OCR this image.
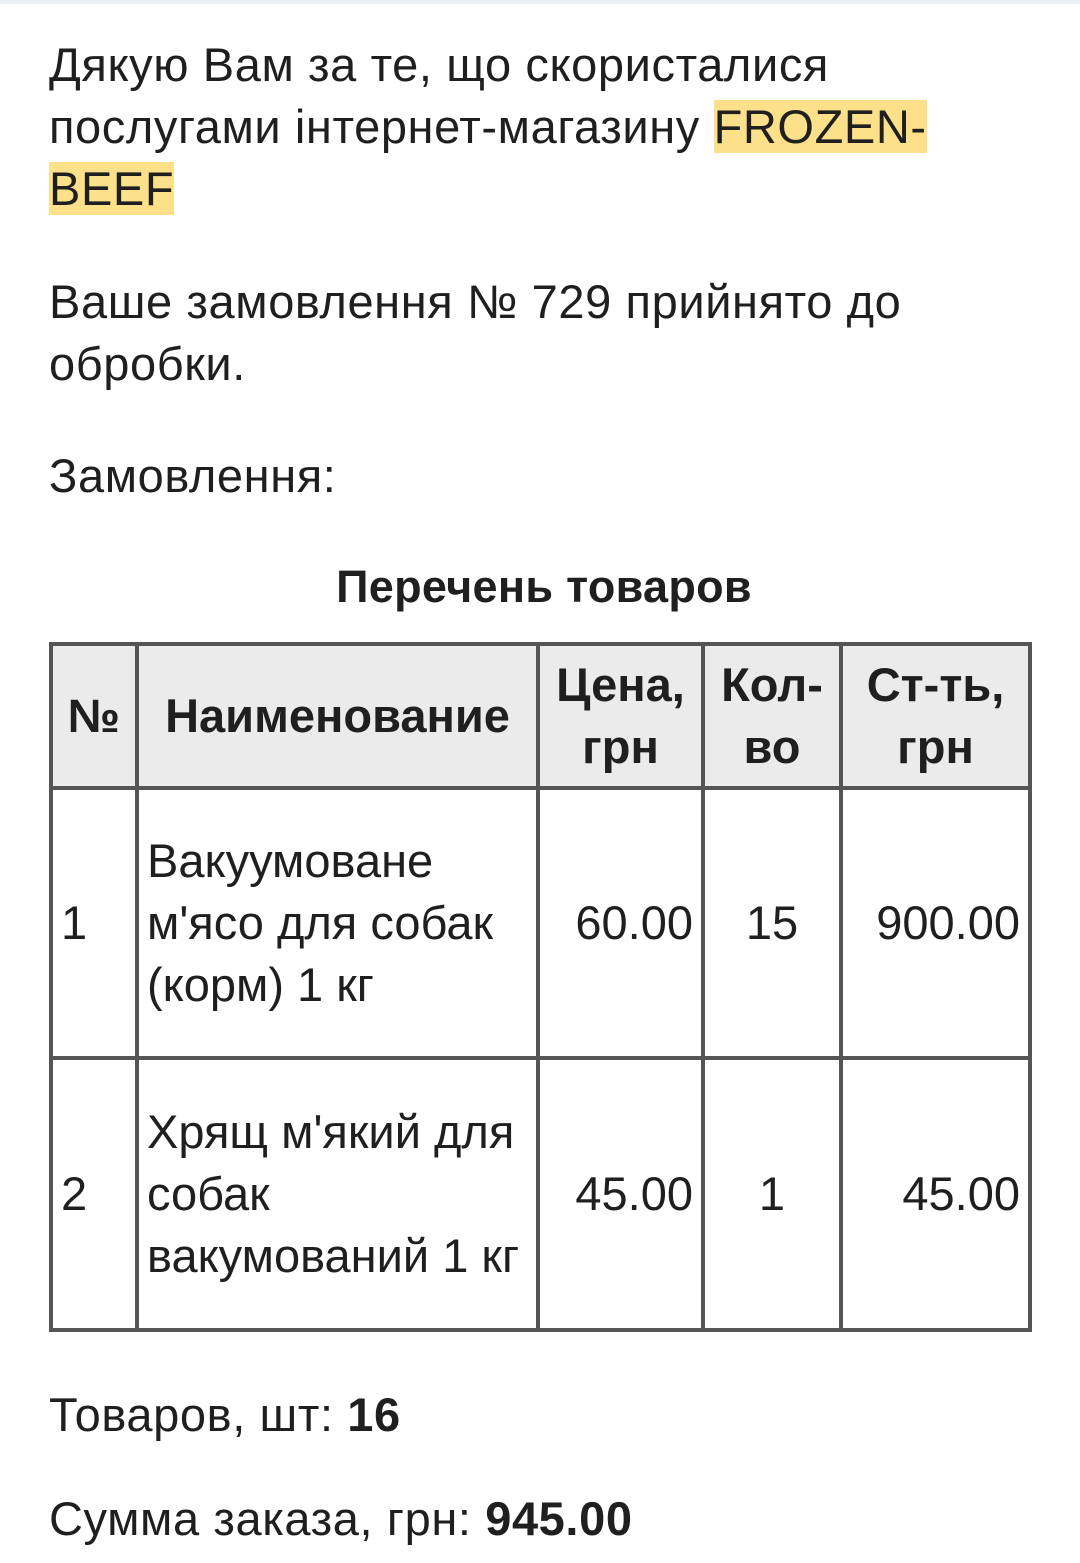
Дякую Вам за те, що скористалися послугами інтернет-магазину FROZEN-BEEF

Ваше замовлення № 729 прийнято до обробки.

Замовлення:

Перечень товаров

№	Наименование	Цена, грн	Кол-во	Ст-ть, грн
1	Вакуумоване м'ясо для собак (корм) 1 кг	60.00	15	900.00
2	Хрящ м'який для собак вакумований 1 кг	45.00	1	45.00

Товаров, шт: 16

Сумма заказа, грн: 945.00
